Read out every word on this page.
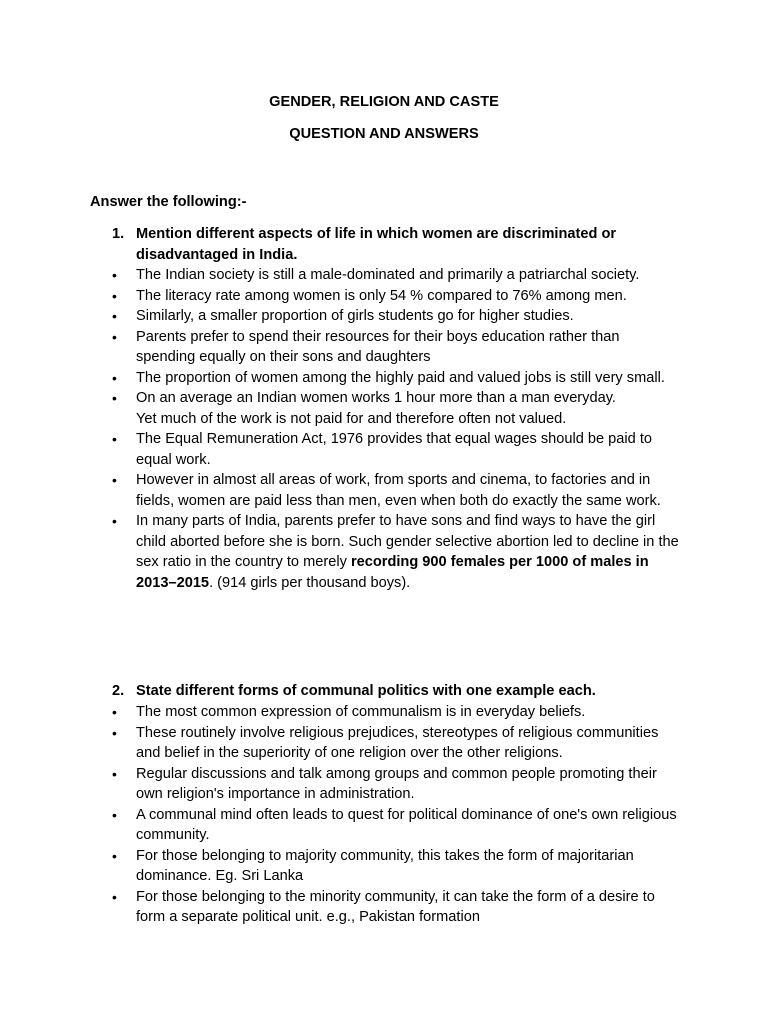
GENDER, RELIGION AND CASTE
QUESTION AND ANSWERS
Answer the following:-
1. Mention different aspects of life in which women are discriminated or disadvantaged in India.
•	The Indian society is still a male-dominated and primarily a patriarchal society.
•	The literacy rate among women is only 54 % compared to 76% among men.
•	Similarly, a smaller proportion of girls students go for higher studies.
•	Parents prefer to spend their resources for their boys education rather than spending equally on their sons and daughters
•	The proportion of women among the highly paid and valued jobs is still very small.
•	On an average an Indian women works 1 hour more than a man everyday.
Yet much of the work is not paid for and therefore often not valued.
•	The Equal Remuneration Act, 1976 provides that equal wages should be paid to equal work.
•	However in almost all areas of work, from sports and cinema, to factories and in fields, women are paid less than men, even when both do exactly the same work.
•	In many parts of India, parents prefer to have sons and find ways to have the girl child aborted before she is born. Such gender selective abortion led to decline in the sex ratio in the country to merely recording 900 females per 1000 of males in 2013–2015. (914 girls per thousand boys).
2. State different forms of communal politics with one example each.
•	The most common expression of communalism is in everyday beliefs.
•	These routinely involve religious prejudices, stereotypes of religious communities and belief in the superiority of one religion over the other religions.
•	Regular discussions and talk among groups and common people promoting their own religion's importance in administration.
•	A communal mind often leads to quest for political dominance of one's own religious community.
•	For those belonging to majority community, this takes the form of majoritarian dominance. Eg. Sri Lanka
•	For those belonging to the minority community, it can take the form of a desire to form a separate political unit. e.g., Pakistan formation
